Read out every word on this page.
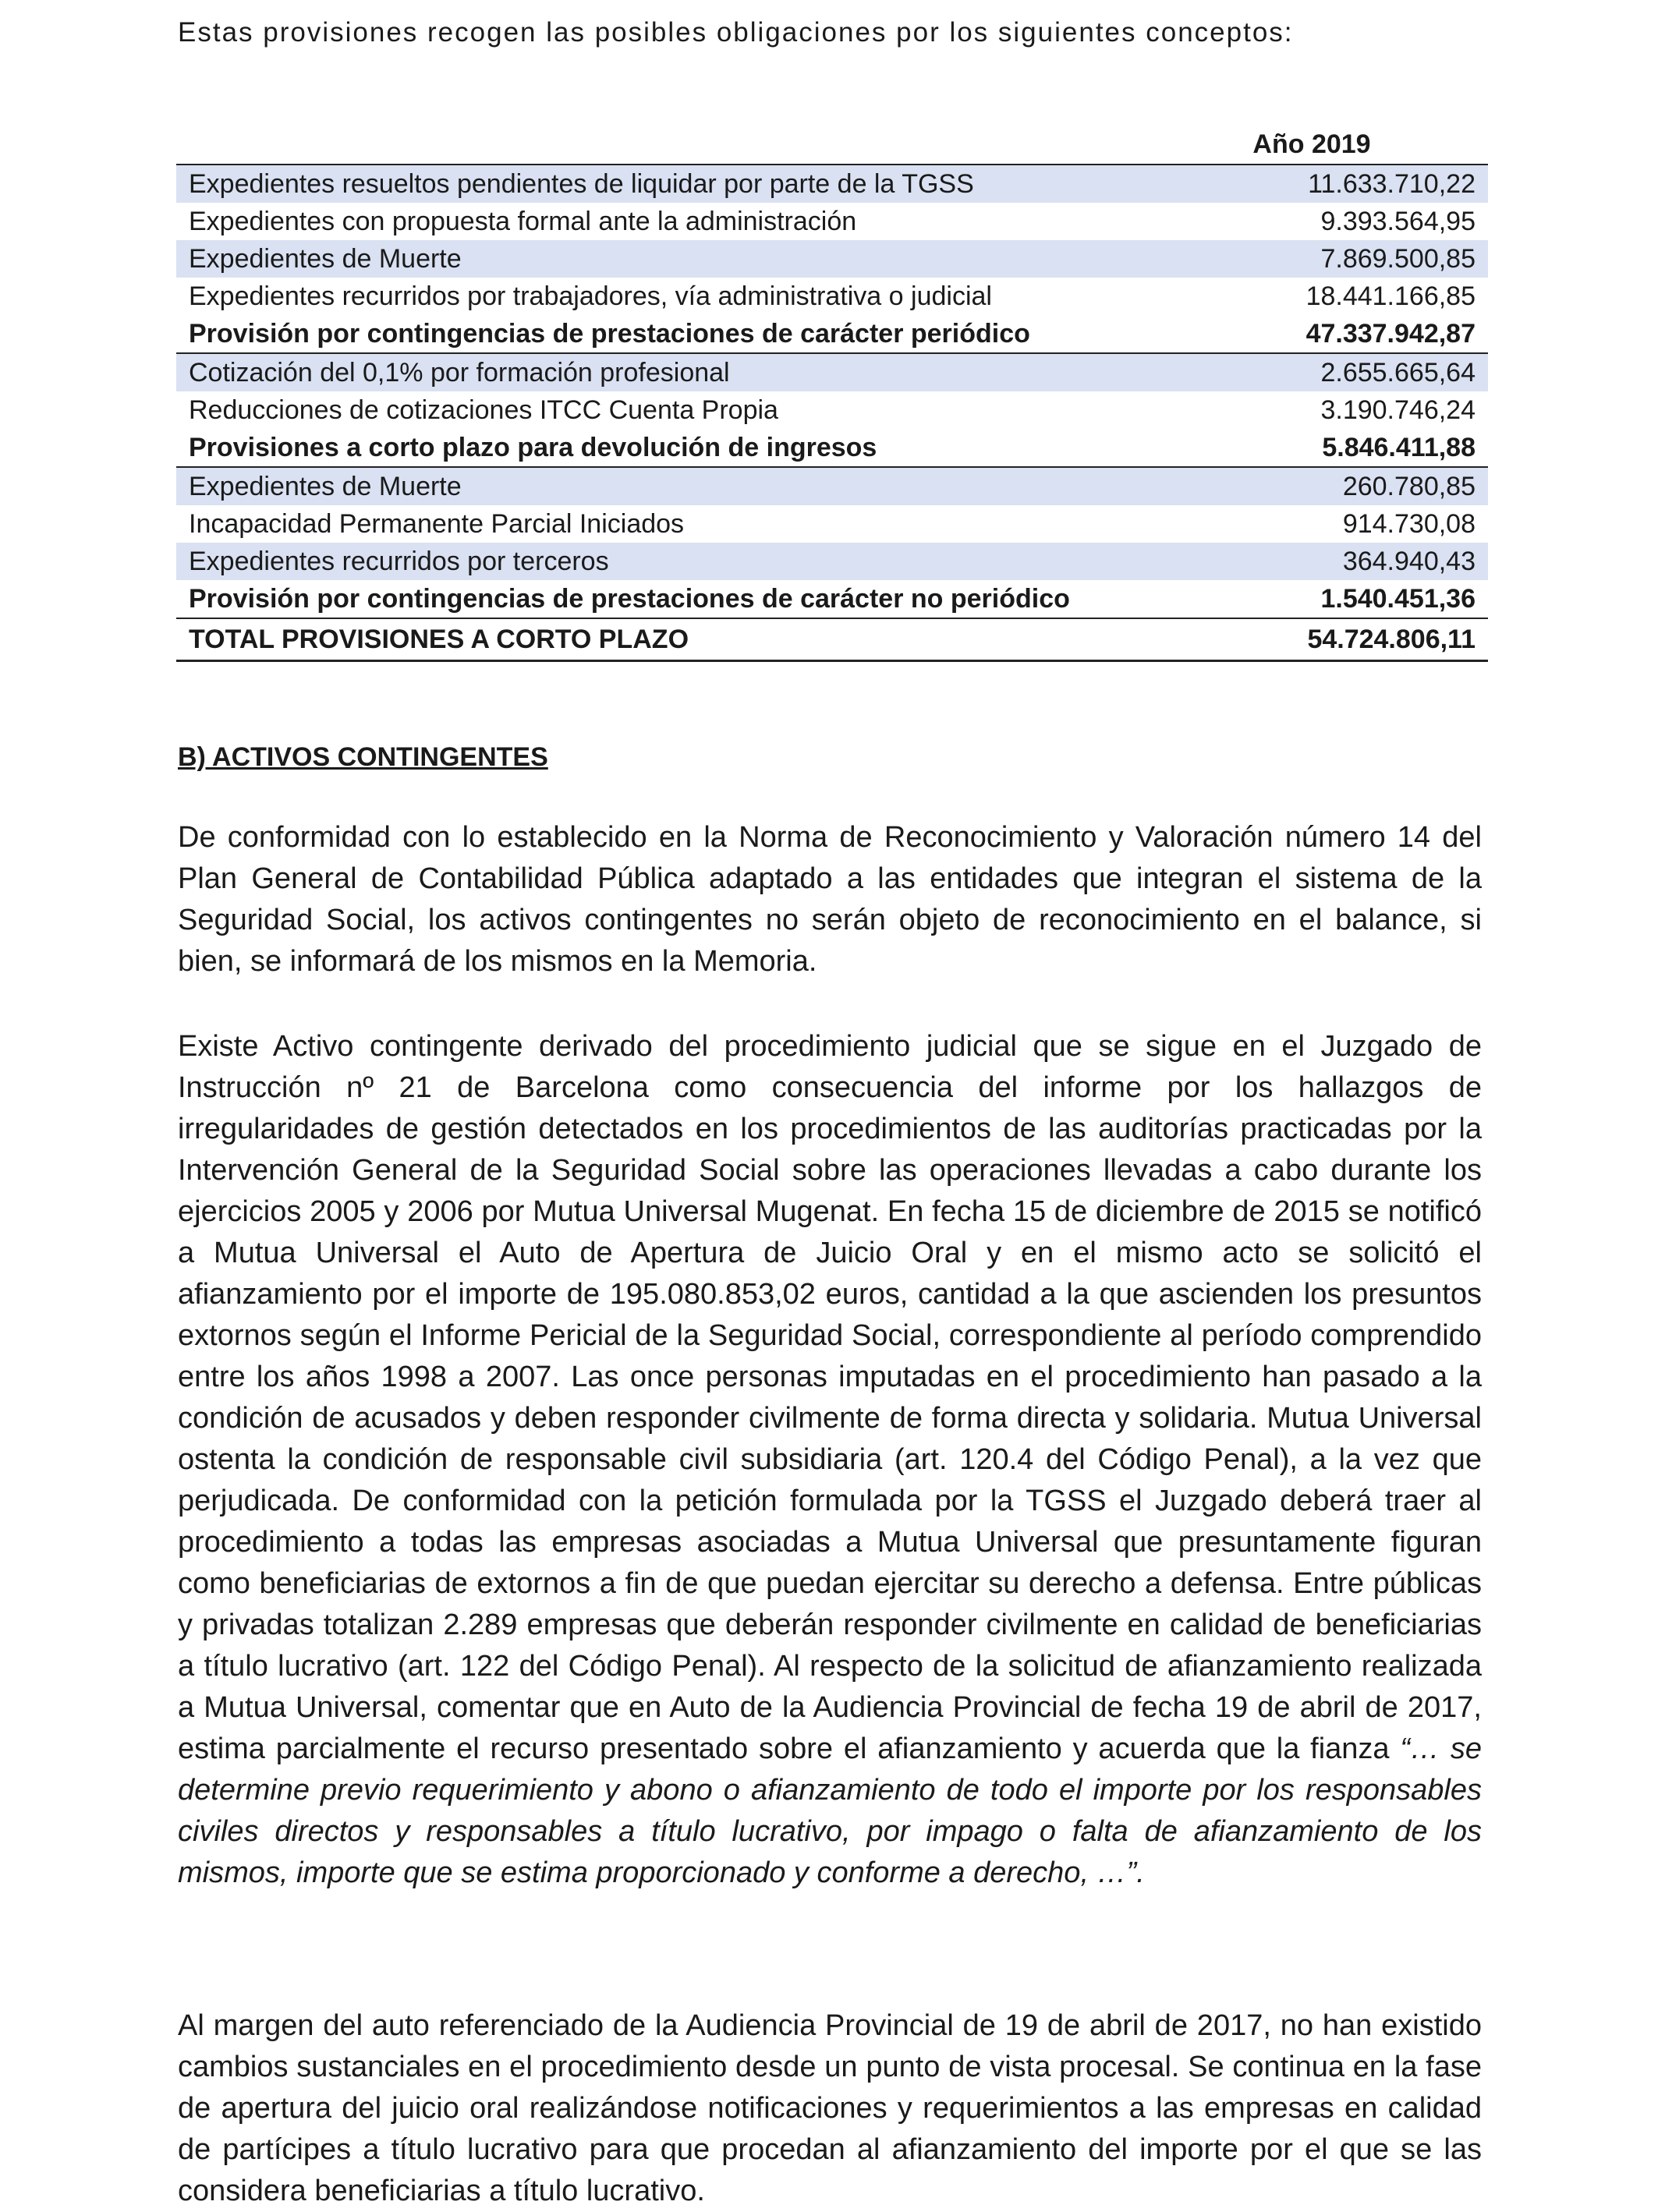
Estas provisiones recogen las posibles obligaciones por los siguientes conceptos:
	Año 2019
Expedientes resueltos pendientes de liquidar por parte de la TGSS	11.633.710,22
Expedientes con propuesta formal ante la administración	9.393.564,95
Expedientes de Muerte	7.869.500,85
Expedientes recurridos por trabajadores, vía administrativa o judicial	18.441.166,85
Provisión por contingencias de prestaciones de carácter periódico	47.337.942,87
Cotización del 0,1% por formación profesional	2.655.665,64
Reducciones de cotizaciones ITCC Cuenta Propia	3.190.746,24
Provisiones a corto plazo para devolución de ingresos	5.846.411,88
Expedientes de Muerte	260.780,85
Incapacidad Permanente Parcial Iniciados	914.730,08
Expedientes recurridos por terceros	364.940,43
Provisión por contingencias de prestaciones de carácter no periódico	1.540.451,36
TOTAL PROVISIONES A CORTO PLAZO	54.724.806,11
B) ACTIVOS CONTINGENTES

De conformidad con lo establecido en la Norma de Reconocimiento y Valoración número 14 del Plan General de Contabilidad Pública adaptado a las entidades que integran el sistema de la Seguridad Social, los activos contingentes no serán objeto de reconocimiento en el balance, si bien, se informará de los mismos en la Memoria.

Existe Activo contingente derivado del procedimiento judicial que se sigue en el Juzgado de Instrucción nº 21 de Barcelona como consecuencia del informe por los hallazgos de irregularidades de gestión detectados en los procedimientos de las auditorías practicadas por la Intervención General de la Seguridad Social sobre las operaciones llevadas a cabo durante los ejercicios 2005 y 2006 por Mutua Universal Mugenat. En fecha 15 de diciembre de 2015 se notificó a Mutua Universal el Auto de Apertura de Juicio Oral y en el mismo acto se solicitó el afianzamiento por el importe de 195.080.853,02 euros, cantidad a la que ascienden los presuntos extornos según el Informe Pericial de la Seguridad Social, correspondiente al período comprendido entre los años 1998 a 2007. Las once personas imputadas en el procedimiento han pasado a la condición de acusados y deben responder civilmente de forma directa y solidaria. Mutua Universal ostenta la condición de responsable civil subsidiaria (art. 120.4 del Código Penal), a la vez que perjudicada. De conformidad con la petición formulada por la TGSS el Juzgado deberá traer al procedimiento a todas las empresas asociadas a Mutua Universal que presuntamente figuran como beneficiarias de extornos a fin de que puedan ejercitar su derecho a defensa. Entre públicas y privadas totalizan 2.289 empresas que deberán responder civilmente en calidad de beneficiarias a título lucrativo (art. 122 del Código Penal). Al respecto de la solicitud de afianzamiento realizada a Mutua Universal, comentar que en Auto de la Audiencia Provincial de fecha 19 de abril de 2017, estima parcialmente el recurso presentado sobre el afianzamiento y acuerda que la fianza “… se determine previo requerimiento y abono o afianzamiento de todo el importe por los responsables civiles directos y responsables a título lucrativo, por impago o falta de afianzamiento de los mismos, importe que se estima proporcionado y conforme a derecho, …”.

Al margen del auto referenciado de la Audiencia Provincial de 19 de abril de 2017, no han existido cambios sustanciales en el procedimiento desde un punto de vista procesal. Se continua en la fase de apertura del juicio oral realizándose notificaciones y requerimientos a las empresas en calidad de partícipes a título lucrativo para que procedan al afianzamiento del importe por el que se las considera beneficiarias a título lucrativo.
